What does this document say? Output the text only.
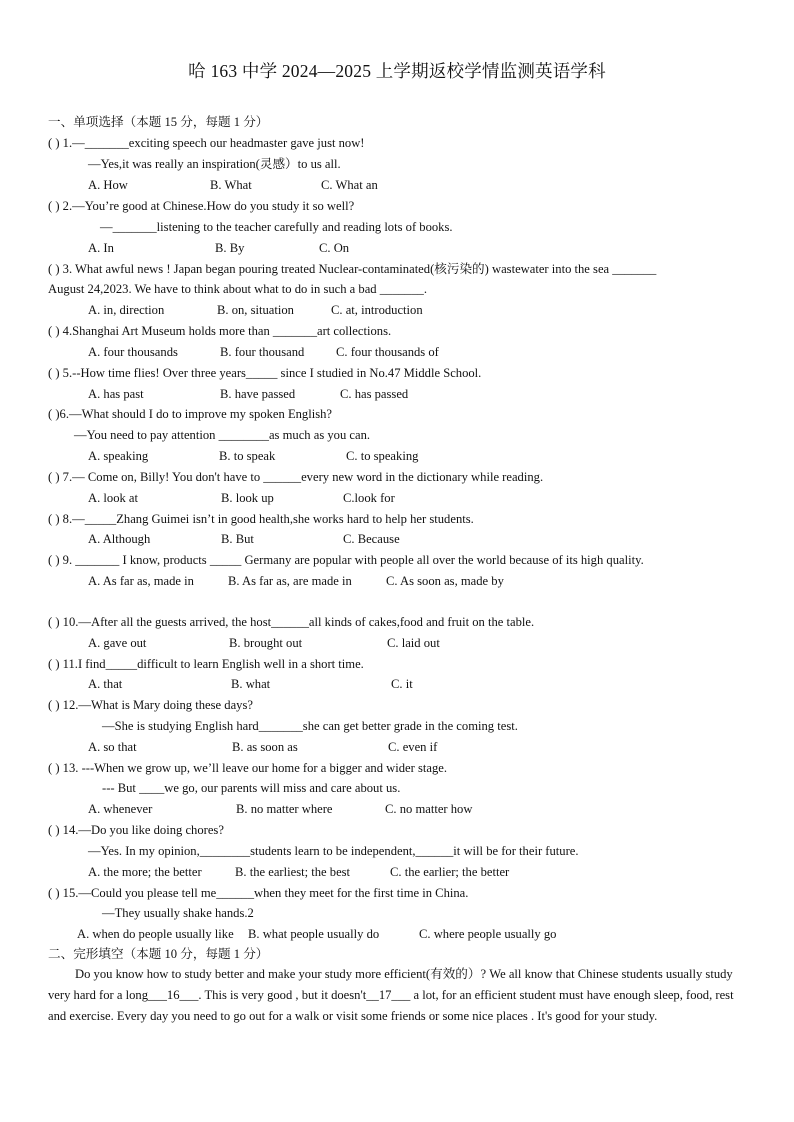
哈 163 中学 2024—2025 上学期返校学情监测英语学科
一、单项选择（本题 15 分，每题 1 分）
( ) 1.—_______exciting speech our headmaster gave just now!
—Yes,it was really an inspiration(灵感）to us all.
A. How	B. What	C. What an
( ) 2.—You’re good at Chinese.How do you study it so well?
—_______listening to the teacher carefully and reading lots of books.
A. In	B. By	C. On
( ) 3. What awful news ! Japan began pouring treated Nuclear-contaminated(核污染的) wastewater into the sea _______
August 24,2023. We have to think about what to do in such a bad _______.
A. in, direction	B. on, situation	C. at, introduction
( ) 4.Shanghai Art Museum holds more than _______art collections.
A. four thousands	B. four thousand	C. four thousands of
( ) 5.--How time flies! Over three years_____ since I studied in No.47 Middle School.
A. has past	B. have passed	C. has passed
( )6.—What should I do to improve my spoken English?
—You need to pay attention ________as much as you can.
A. speaking	B. to speak	C. to speaking
( ) 7.— Come on, Billy! You don't have to ______every new word in the dictionary while reading.
A. look at	B. look up	C.look for
( ) 8.—_____Zhang Guimei isn’t in good health,she works hard to help her students.
A. Although	B. But	C. Because
( ) 9. _______ I know, products _____ Germany are popular with people all over the world because of its high quality.
A. As far as, made in	B. As far as, are made in	C. As soon as, made by
( ) 10.—After all the guests arrived, the host______all kinds of cakes,food and fruit on the table.
A. gave out	B. brought out	C. laid out
( ) 11.I find_____difficult to learn English well in a short time.
A. that	B. what	C. it
( ) 12.—What is Mary doing these days?
—She is studying English hard_______she can get better grade in the coming test.
A. so that	B. as soon as	C. even if
( ) 13. ---When we grow up, we’ll leave our home for a bigger and wider stage.
--- But ____we go, our parents will miss and care about us.
A. whenever	B. no matter where	C. no matter how
( ) 14.—Do you like doing chores?
—Yes. In my opinion,________students learn to be independent,______it will be for their future.
A. the more; the better	B. the earliest; the best	C. the earlier; the better
( ) 15.—Could you please tell me______when they meet for the first time in China.
—They usually shake hands.2
A. when do people usually like B. what people usually do	C. where people usually go
二、完形填空（本题 10 分，每题 1 分）
Do you know how to study better and make your study more efficient(有效的）? We all know that Chinese students usually study very hard for a long___16___. This is very good , but it doesn't__17___ a lot, for an efficient student must have enough sleep, food, rest and exercise. Every day you need to go out for a walk or visit some friends or some nice places . It's good for your study.
